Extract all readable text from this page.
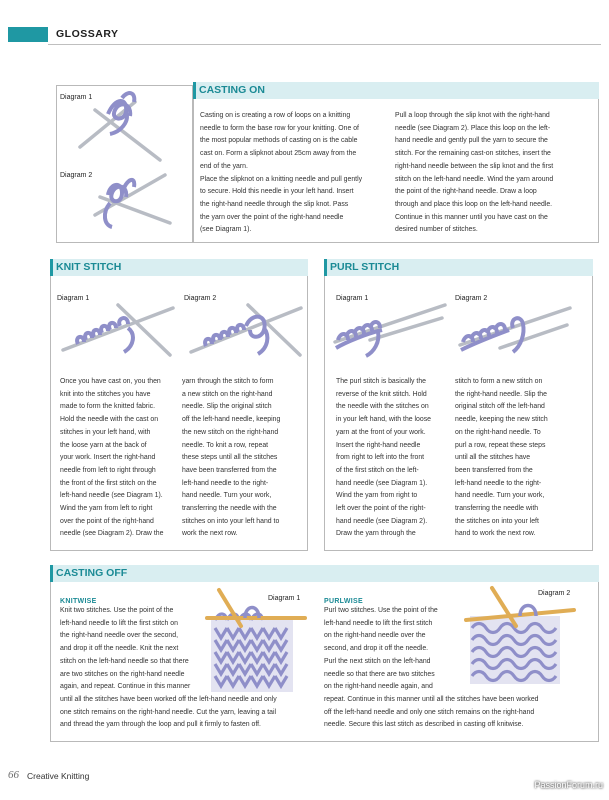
GLOSSARY
CASTING ON
Diagram 1
Diagram 2
Casting on is creating a row of loops on a knitting
needle to form the base row for your knitting. One of
the most popular methods of casting on is the cable
cast on. Form a slipknot about 25cm away from the
end of the yarn.
Place the slipknot on a knitting needle and pull gently
to secure. Hold this needle in your left hand. Insert
the right-hand needle through the slip knot. Pass
the yarn over the point of the right-hand needle
(see Diagram 1).
Pull a loop through the slip knot with the right-hand
needle (see Diagram 2). Place this loop on the left-
hand needle and gently pull the yarn to secure the
stitch. For the remaining cast-on stitches, insert the
right-hand needle between the slip knot and the first
stitch on the left-hand needle. Wind the yarn around
the point of the right-hand needle. Draw a loop
through and place this loop on the left-hand needle.
Continue in this manner until you have cast on the
desired number of stitches.
KNIT STITCH
Diagram 1	Diagram 2
Once you have cast on, you then
knit into the stitches you have
made to form the knitted fabric.
Hold the needle with the cast on
stitches in your left hand, with
the loose yarn at the back of
your work. Insert the right-hand
needle from left to right through
the front of the first stitch on the
left-hand needle (see Diagram 1).
Wind the yarn from left to right
over the point of the right-hand
needle (see Diagram 2). Draw the
yarn through the stitch to form
a new stitch on the right-hand
needle. Slip the original stitch
off the left-hand needle, keeping
the new stitch on the right-hand
needle. To knit a row, repeat
these steps until all the stitches
have been transferred from the
left-hand needle to the right-
hand needle. Turn your work,
transferring the needle with the
stitches on into your left hand to
work the next row.
PURL STITCH
Diagram 1	Diagram 2
The purl stitch is basically the
reverse of the knit stitch. Hold
the needle with the stitches on
in your left hand, with the loose
yarn at the front of your work.
Insert the right-hand needle
from right to left into the front
of the first stitch on the left-
hand needle (see Diagram 1).
Wind the yarn from right to
left over the point of the right-
hand needle (see Diagram 2).
Draw the yarn through the
stitch to form a new stitch on
the right-hand needle. Slip the
original stitch off the left-hand
needle, keeping the new stitch
on the right-hand needle. To
purl a row, repeat these steps
until all the stitches have
been transferred from the
left-hand needle to the right-
hand needle. Turn your work,
transferring the needle with
the stitches on into your left
hand to work the next row.
CASTING OFF
KNITWISE	Diagram 1
Knit two stitches. Use the point of the
left-hand needle to lift the first stitch on
the right-hand needle over the second,
and drop it off the needle. Knit the next
stitch on the left-hand needle so that there
are two stitches on the right-hand needle
again, and repeat. Continue in this manner
until all the stitches have been worked off the left-hand needle and only
one stitch remains on the right-hand needle. Cut the yarn, leaving a tail
and thread the yarn through the loop and pull it firmly to fasten off.
PURLWISE
Diagram 2
Purl two stitches. Use the point of the
left-hand needle to lift the first stitch
on the right-hand needle over the
second, and drop it off the needle.
Purl the next stitch on the left-hand
needle so that there are two stitches
on the right-hand needle again, and
repeat. Continue in this manner until all the stitches have been worked
off the left-hand needle and only one stitch remains on the right-hand
needle. Secure this last stitch as described in casting off knitwise.
66 Creative Knitting
PassionForum.ru
